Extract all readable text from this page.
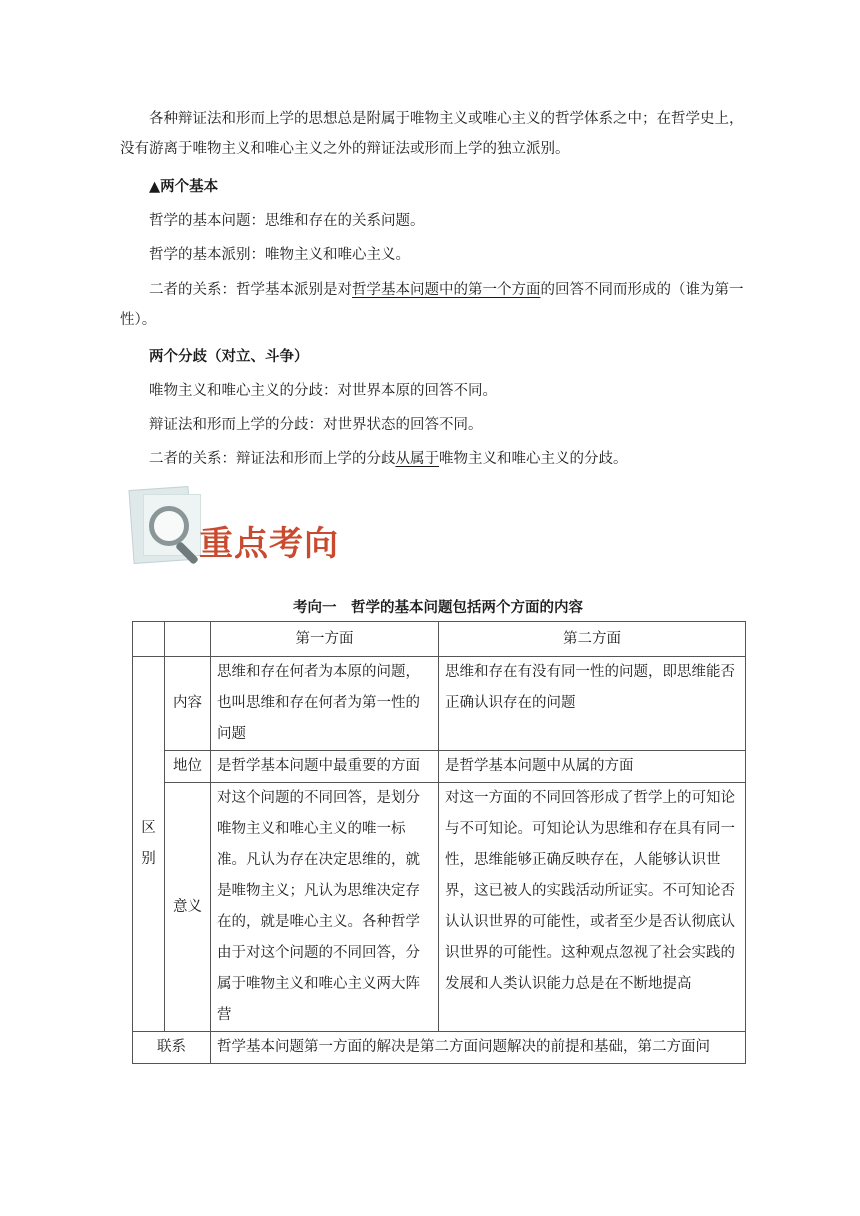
各种辩证法和形而上学的思想总是附属于唯物主义或唯心主义的哲学体系之中；在哲学史上，没有游离于唯物主义和唯心主义之外的辩证法或形而上学的独立派别。

▲两个基本

哲学的基本问题：思维和存在的关系问题。

哲学的基本派别：唯物主义和唯心主义。

二者的关系：哲学基本派别是对哲学基本问题中的第一个方面的回答不同而形成的（谁为第一性）。

两个分歧（对立、斗争）

唯物主义和唯心主义的分歧：对世界本原的回答不同。

辩证法和形而上学的分歧：对世界状态的回答不同。

二者的关系：辩证法和形而上学的分歧从属于唯物主义和唯心主义的分歧。

重点考向
考向一　哲学的基本问题包括两个方面的内容
		第一方面	第二方面

区别	内容	思维和存在何者为本原的问题，也叫思维和存在何者为第一性的问题	思维和存在有没有同一性的问题，即思维能否正确认识存在的问题
	地位	是哲学基本问题中最重要的方面	是哲学基本问题中从属的方面
	意义	对这个问题的不同回答，是划分唯物主义和唯心主义的唯一标准。凡认为存在决定思维的，就是唯物主义；凡认为思维决定存在的，就是唯心主义。各种哲学由于对这个问题的不同回答，分属于唯物主义和唯心主义两大阵营	对这一方面的不同回答形成了哲学上的可知论与不可知论。可知论认为思维和存在具有同一性，思维能够正确反映存在，人能够认识世界，这已被人的实践活动所证实。不可知论否认认识世界的可能性，或者至少是否认彻底认识世界的可能性。这种观点忽视了社会实践的发展和人类认识能力总是在不断地提高
联系		哲学基本问题第一方面的解决是第二方面问题解决的前提和基础，第二方面问	
